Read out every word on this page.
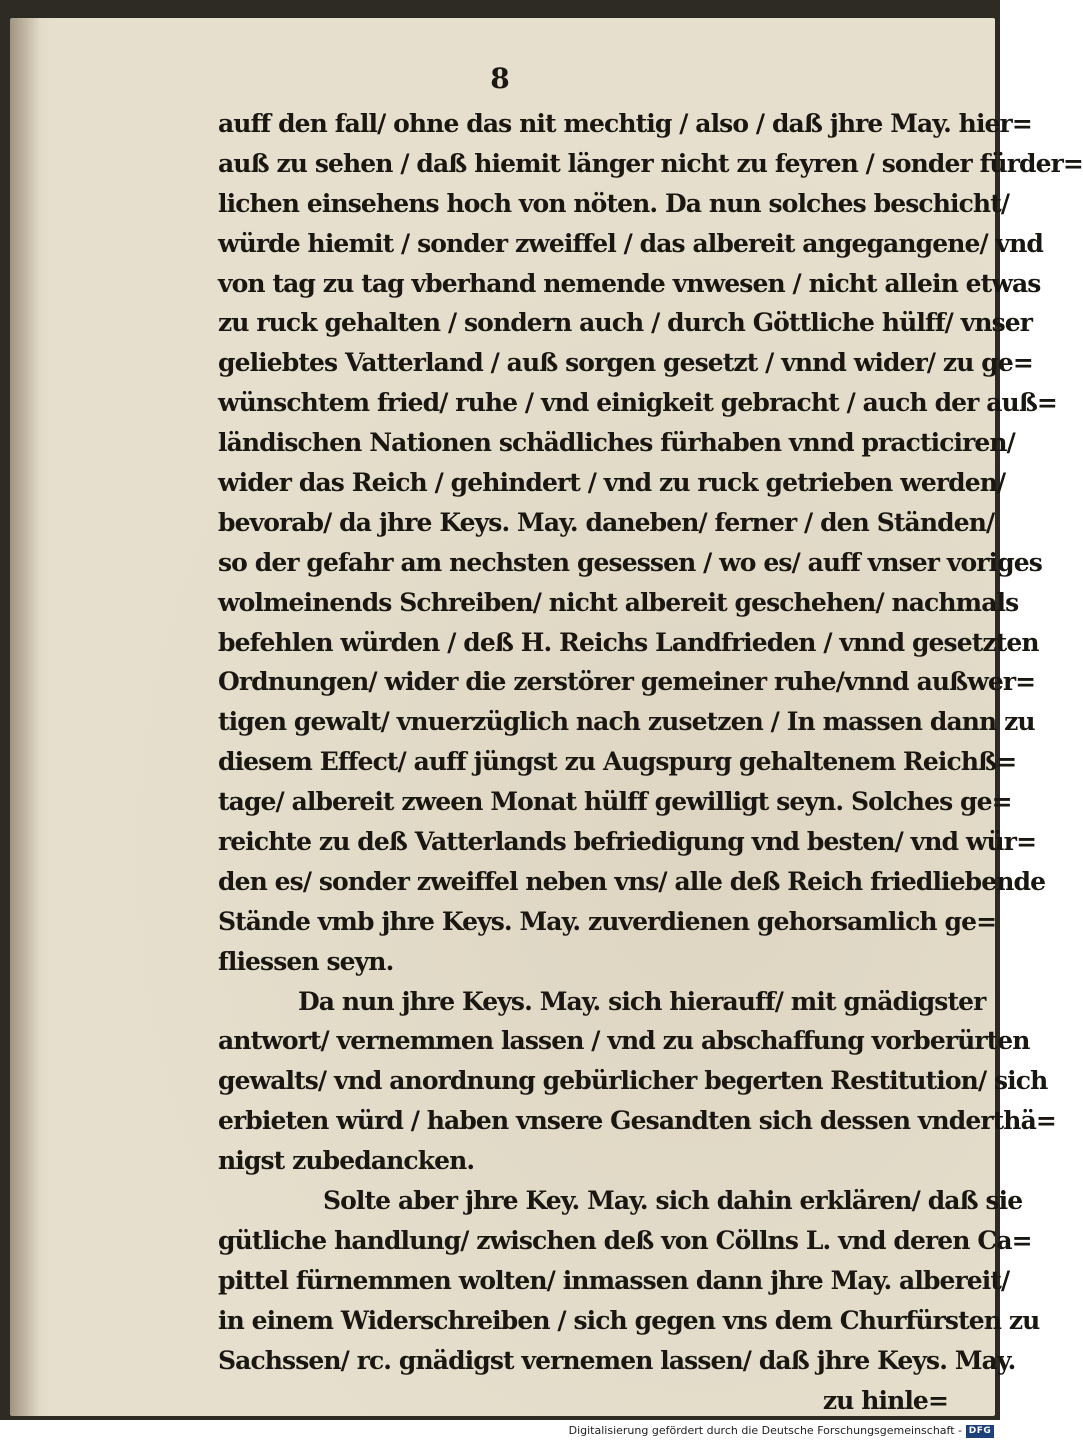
8
auff den fall/ ohne das nit mechtig / also / daß jhre May. hier=
auß zu sehen / daß hiemit länger nicht zu feyren / sonder fürder=
lichen einsehens hoch von nöten. Da nun solches beschicht/
würde hiemit / sonder zweiffel / das albereit angegangene/ vnd
von tag zu tag vberhand nemende vnwesen / nicht allein etwas
zu ruck gehalten / sondern auch / durch Göttliche hülff/ vnser
geliebtes Vatterland / auß sorgen gesetzt / vnnd wider/ zu ge=
wünschtem fried/ ruhe / vnd einigkeit gebracht / auch der auß=
ländischen Nationen schädliches fürhaben vnnd practiciren/
wider das Reich / gehindert / vnd zu ruck getrieben werden/
bevorab/ da jhre Keys. May. daneben/ ferner / den Ständen/
so der gefahr am nechsten gesessen / wo es/ auff vnser voriges
wolmeinends Schreiben/ nicht albereit geschehen/ nachmals
befehlen würden / deß H. Reichs Landfrieden / vnnd gesetzten
Ordnungen/ wider die zerstörer gemeiner ruhe/vnnd außwer=
tigen gewalt/ vnuerzüglich nach zusetzen / In massen dann zu
diesem Effect/ auff jüngst zu Augspurg gehaltenem Reichß=
tage/ albereit zween Monat hülff gewilligt seyn. Solches ge=
reichte zu deß Vatterlands befriedigung vnd besten/ vnd wür=
den es/ sonder zweiffel neben vns/ alle deß Reich friedliebende
Stände vmb jhre Keys. May. zuverdienen gehorsamlich ge=
fliessen seyn.
Da nun jhre Keys. May. sich hierauff/ mit gnädigster
antwort/ vernemmen lassen / vnd zu abschaffung vorberürten
gewalts/ vnd anordnung gebürlicher begerten Restitution/ sich
erbieten würd / haben vnsere Gesandten sich dessen vnderthä=
nigst zubedancken.
Solte aber jhre Key. May. sich dahin erklären/ daß sie
gütliche handlung/ zwischen deß von Cöllns L. vnd deren Ca=
pittel fürnemmen wolten/ inmassen dann jhre May. albereit/
in einem Widerschreiben / sich gegen vns dem Churfürsten zu
Sachssen/ rc. gnädigst vernemen lassen/ daß jhre Keys. May.
zu hinle=
Digitalisierung gefördert durch die Deutsche Forschungsgemeinschaft - DFG
